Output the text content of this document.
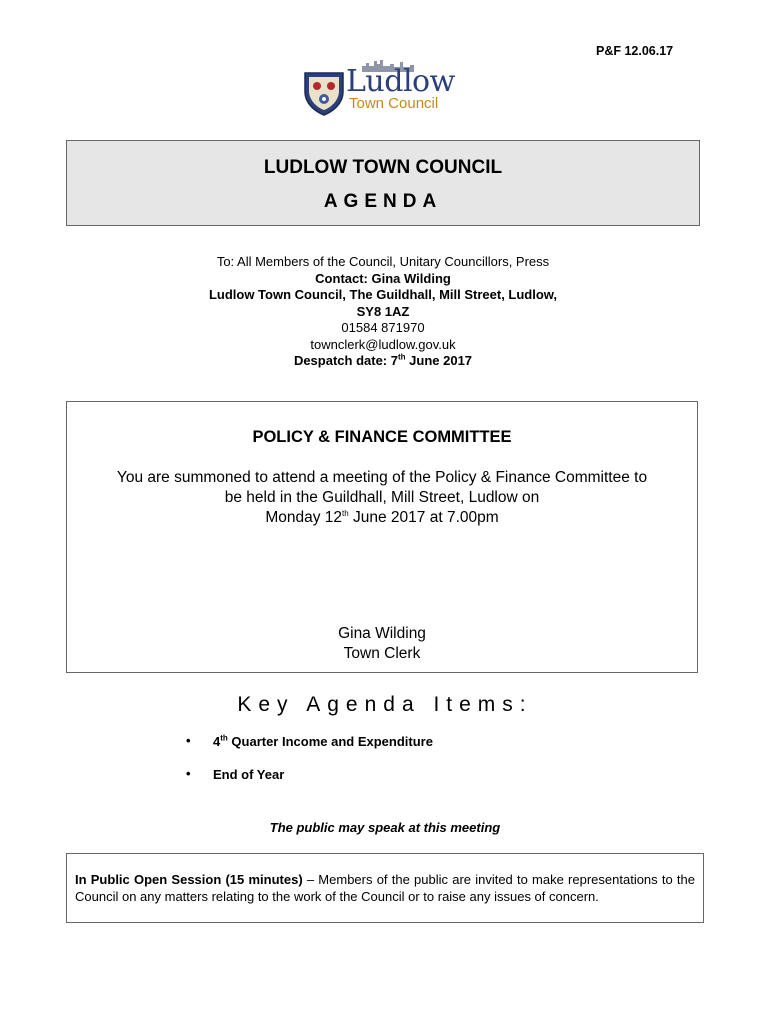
P&F 12.06.17
Ludlow
Town Council
LUDLOW TOWN COUNCIL
AGENDA
To: All Members of the Council, Unitary Councillors, Press
Contact: Gina Wilding
Ludlow Town Council, The Guildhall, Mill Street, Ludlow,
SY8 1AZ
01584 871970
townclerk@ludlow.gov.uk
Despatch date: 7th June 2017
POLICY & FINANCE COMMITTEE
You are summoned to attend a meeting of the Policy & Finance Committee to
be held in the Guildhall, Mill Street, Ludlow on
Monday 12th June 2017 at 7.00pm
Gina Wilding
Town Clerk
Key Agenda Items:
• 4th Quarter Income and Expenditure
• End of Year
The public may speak at this meeting
In Public Open Session (15 minutes) – Members of the public are invited to make representations to the Council on any matters relating to the work of the Council or to raise any issues of concern.
